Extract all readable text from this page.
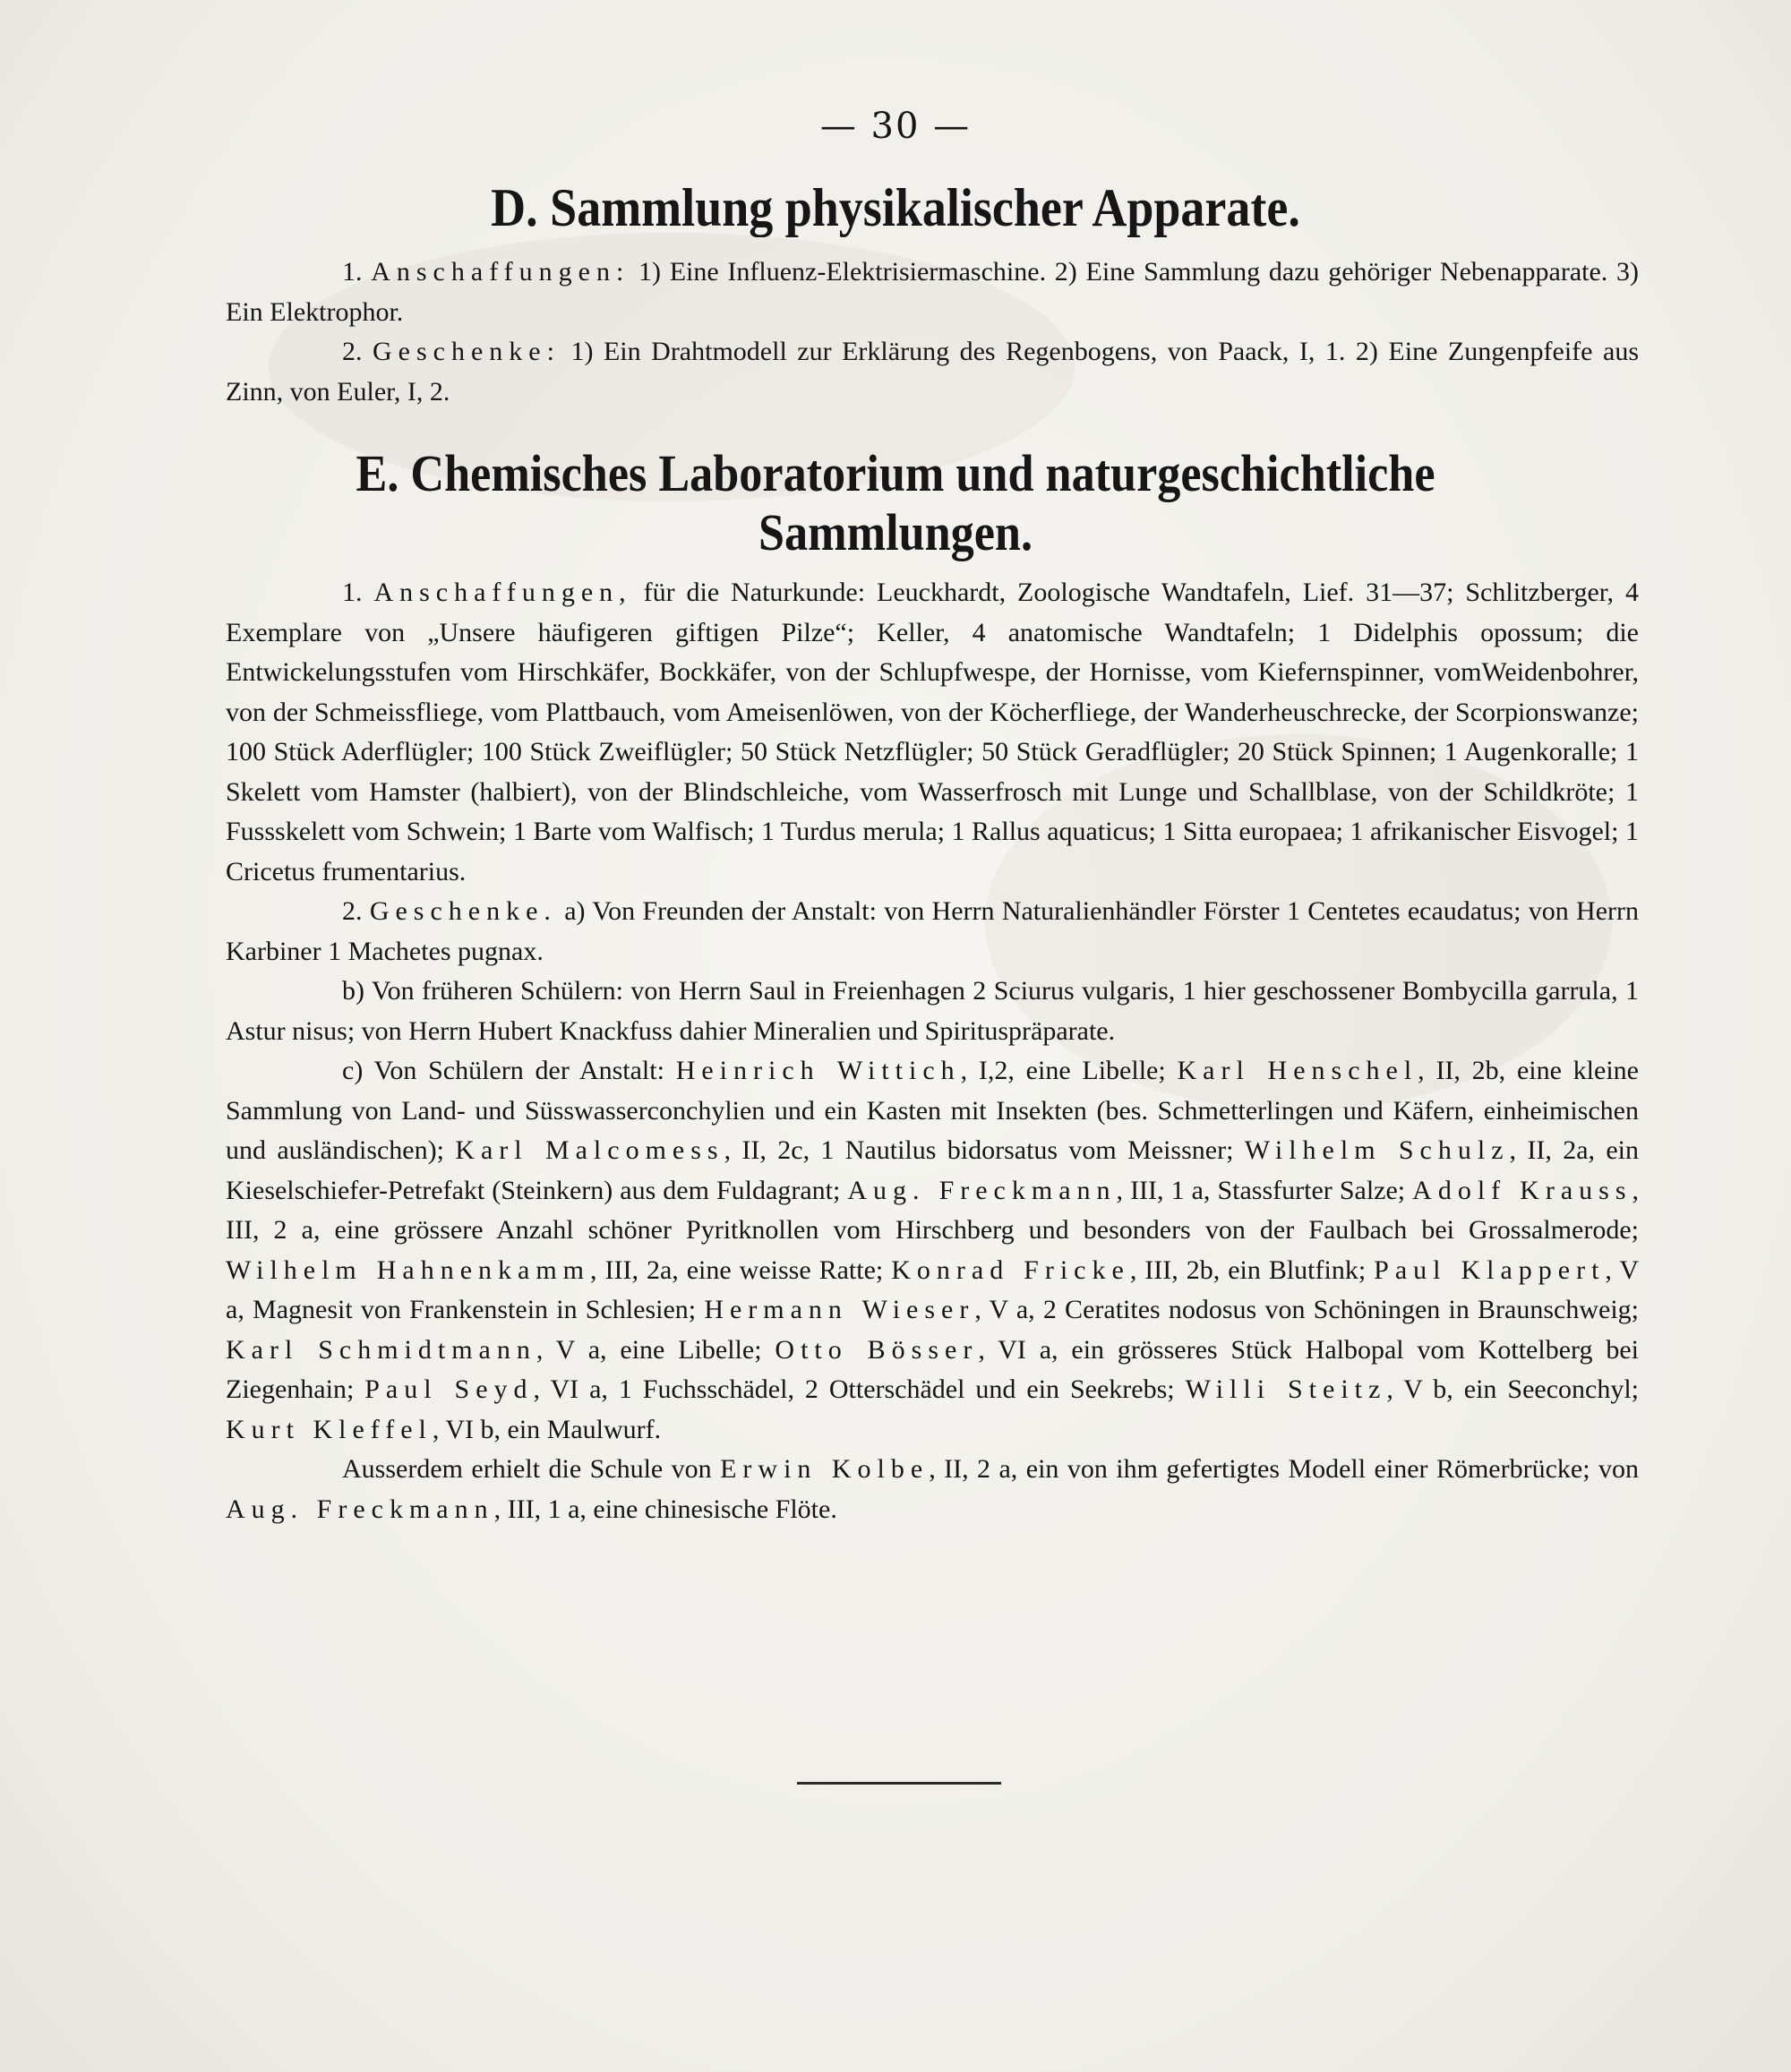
— 30 —
D. Sammlung physikalischer Apparate.

1. Anschaffungen: 1) Eine Influenz-Elektrisiermaschine. 2) Eine Sammlung dazu gehöriger Nebenapparate. 3) Ein Elektrophor.

2. Geschenke: 1) Ein Drahtmodell zur Erklärung des Regenbogens, von Paack, I, 1. 2) Eine Zungenpfeife aus Zinn, von Euler, I, 2.

E. Chemisches Laboratorium und naturgeschichtliche
Sammlungen.

1. Anschaffungen, für die Naturkunde: Leuckhardt, Zoologische Wandtafeln, Lief. 31—37; Schlitzberger, 4 Exemplare von „Unsere häufigeren giftigen Pilze“; Keller, 4 anatomische Wandtafeln; 1 Didelphis opossum; die Entwickelungsstufen vom Hirschkäfer, Bockkäfer, von der Schlupfwespe, der Hornisse, vom Kiefernspinner, vomWeidenbohrer, von der Schmeissfliege, vom Plattbauch, vom Ameisenlöwen, von der Köcherfliege, der Wanderheuschrecke, der Scorpionswanze; 100 Stück Aderflügler; 100 Stück Zweiflügler; 50 Stück Netzflügler; 50 Stück Geradflügler; 20 Stück Spinnen; 1 Augenkoralle; 1 Skelett vom Hamster (halbiert), von der Blindschleiche, vom Wasserfrosch mit Lunge und Schallblase, von der Schildkröte; 1 Fussskelett vom Schwein; 1 Barte vom Walfisch; 1 Turdus merula; 1 Rallus aquaticus; 1 Sitta europaea; 1 afrikanischer Eisvogel; 1 Cricetus frumentarius.

2. Geschenke. a) Von Freunden der Anstalt: von Herrn Naturalienhändler Förster 1 Centetes ecaudatus; von Herrn Karbiner 1 Machetes pugnax.

b) Von früheren Schülern: von Herrn Saul in Freienhagen 2 Sciurus vulgaris, 1 hier geschossener Bombycilla garrula, 1 Astur nisus; von Herrn Hubert Knackfuss dahier Mineralien und Spirituspräparate.

c) Von Schülern der Anstalt: Heinrich Wittich, I,2, eine Libelle; Karl Henschel, II, 2b, eine kleine Sammlung von Land- und Süsswasserconchylien und ein Kasten mit Insekten (bes. Schmetterlingen und Käfern, einheimischen und ausländischen); Karl Malcomess, II, 2c, 1 Nautilus bidorsatus vom Meissner; Wilhelm Schulz, II, 2a, ein Kieselschiefer-Petrefakt (Steinkern) aus dem Fuldagrant; Aug. Freckmann, III, 1 a, Stassfurter Salze; Adolf Krauss, III, 2 a, eine grössere Anzahl schöner Pyritknollen vom Hirschberg und besonders von der Faulbach bei Grossalmerode; Wilhelm Hahnenkamm, III, 2a, eine weisse Ratte; Konrad Fricke, III, 2b, ein Blutfink; Paul Klappert, V a, Magnesit von Frankenstein in Schlesien; Hermann Wieser, V a, 2 Ceratites nodosus von Schöningen in Braunschweig; Karl Schmidtmann, V a, eine Libelle; Otto Bösser, VI a, ein grösseres Stück Halbopal vom Kottelberg bei Ziegenhain; Paul Seyd, VI a, 1 Fuchsschädel, 2 Otterschädel und ein Seekrebs; Willi Steitz, V b, ein Seeconchyl; Kurt Kleffel, VI b, ein Maulwurf.

Ausserdem erhielt die Schule von Erwin Kolbe, II, 2 a, ein von ihm gefertigtes Modell einer Römerbrücke; von Aug. Freckmann, III, 1 a, eine chinesische Flöte.
